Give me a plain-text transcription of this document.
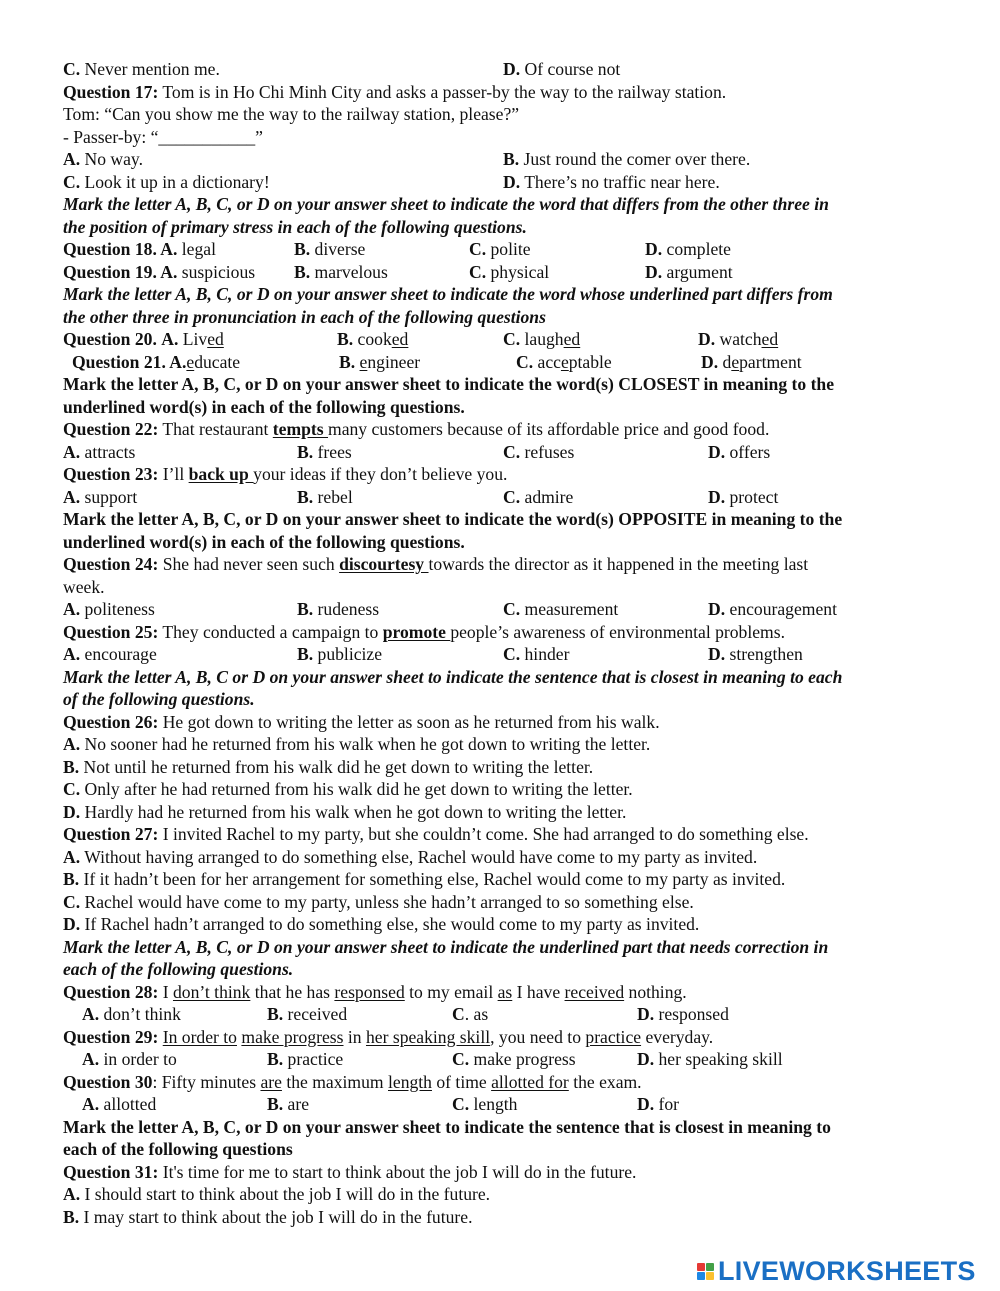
C. Never mention me.	D. Of course not
Question 17: Tom is in Ho Chi Minh City and asks a passer-by the way to the railway station.
Tom: “Can you show me the way to the railway station, please?”
- Passer-by: “___________”
A. No way.	B. Just round the comer over there.
C. Look it up in a dictionary!	D. There’s no traffic near here.
Mark the letter A, B, C, or D on your answer sheet to indicate the word that differs from the other three in
the position of primary stress in each of the following questions.
Question 18. A. legal	B. diverse	C. polite	D. complete
Question 19. A. suspicious B. marvelous	C. physical	D. argument
Mark the letter A, B, C, or D on your answer sheet to indicate the word whose underlined part differs from
the other three in pronunciation in each of the following questions
Question 20. A. Lived	B. cooked	C. laughed	D. watched
Question 21. A.educate	B. engineer	C. acceptable	D. department
Mark the letter A, B, C, or D on your answer sheet to indicate the word(s) CLOSEST in meaning to the
underlined word(s) in each of the following questions.
Question 22: That restaurant tempts many customers because of its affordable price and good food.
A. attracts	B. frees	C. refuses	D. offers
Question 23: I’ll back up your ideas if they don’t believe you.
A. support	B. rebel	C. admire	D. protect
Mark the letter A, B, C, or D on your answer sheet to indicate the word(s) OPPOSITE in meaning to the
underlined word(s) in each of the following questions.
Question 24: She had never seen such discourtesy towards the director as it happened in the meeting last
week.
A. politeness	B. rudeness	C. measurement	D. encouragement
Question 25: They conducted a campaign to promote people’s awareness of environmental problems.
A. encourage	B. publicize	C. hinder	D. strengthen
Mark the letter A, B, C or D on your answer sheet to indicate the sentence that is closest in meaning to each
of the following questions.
Question 26: He got down to writing the letter as soon as he returned from his walk.
A. No sooner had he returned from his walk when he got down to writing the letter.
B. Not until he returned from his walk did he get down to writing the letter.
C. Only after he had returned from his walk did he get down to writing the letter.
D. Hardly had he returned from his walk when he got down to writing the letter.
Question 27: I invited Rachel to my party, but she couldn’t come. She had arranged to do something else.
A. Without having arranged to do something else, Rachel would have come to my party as invited.
B. If it hadn’t been for her arrangement for something else, Rachel would come to my party as invited.
C. Rachel would have come to my party, unless she hadn’t arranged to so something else.
D. If Rachel hadn’t arranged to do something else, she would come to my party as invited.
Mark the letter A, B, C, or D on your answer sheet to indicate the underlined part that needs correction in
each of the following questions.
Question 28: I don’t think that he has responsed to my email as I have received nothing.
A. don’t think	B. received	C. as	D. responsed
Question 29: In order to make progress in her speaking skill, you need to practice everyday.
A. in order to	B. practice	C. make progress	D. her speaking skill
Question 30: Fifty minutes are the maximum length of time allotted for the exam.
A. allotted	B. are	C. length	D. for
Mark the letter A, B, C, or D on your answer sheet to indicate the sentence that is closest in meaning to
each of the following questions
Question 31: It's time for me to start to think about the job I will do in the future.
A. I should start to think about the job I will do in the future.
B. I may start to think about the job I will do in the future.
LIVEWORKSHEETS
